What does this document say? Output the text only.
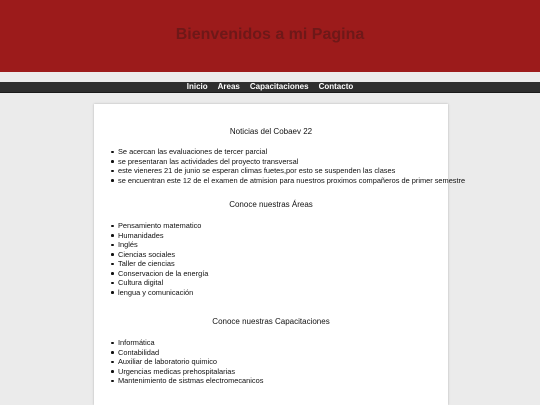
Bienvenidos a mi Pagina
Inicio Areas Capacitaciones Contacto
Noticias del Cobaev 22
Se acercan las evaluaciones de tercer parcial
se presentaran las actividades del proyecto transversal
este vieneres 21 de junio se esperan climas fuetes,por esto se suspenden las clases
se encuentran este 12 de el examen de atmision para nuestros proximos compañeros de primer semestre
Conoce nuestras Áreas
Pensamiento matematico
Humanidades
Inglés
Ciencias sociales
Taller de ciencias
Conservacion de la energía
Cultura digital
lengua y comunicación
Conoce nuestras Capacitaciones
Informática
Contabilidad
Auxiliar de laboratorio quimico
Urgencias medicas prehospitalarias
Mantenimiento de sistmas electromecanicos
